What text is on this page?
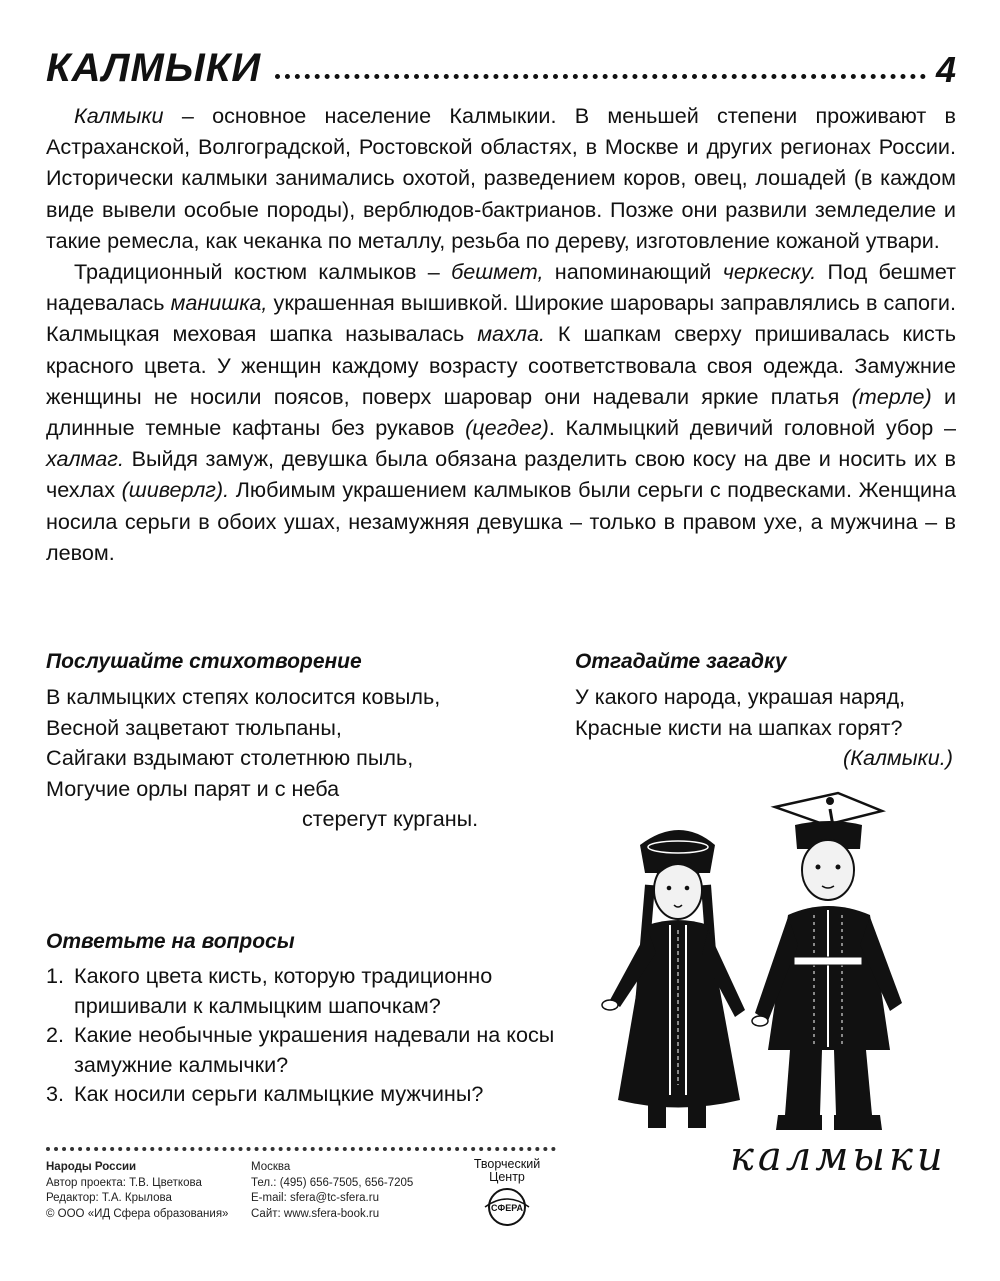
КАЛМЫКИ	4

Калмыки – основное население Калмыкии. В меньшей степени проживают в Астраханской, Волгоградской, Ростовской областях, в Москве и других регионах России. Исторически калмыки занимались охотой, разведением коров, овец, лошадей (в каждом виде вывели особые породы), верблюдов-бактрианов. Позже они развили земледелие и такие ремесла, как чеканка по металлу, резьба по дереву, изготовление кожаной утвари.

Традиционный костюм калмыков – бешмет, напоминающий черкеску. Под бешмет надевалась манишка, украшенная вышивкой. Широкие шаровары заправлялись в сапоги. Калмыцкая меховая шапка называлась махла. К шапкам сверху пришивалась кисть красного цвета. У женщин каждому возрасту соответствовала своя одежда. Замужние женщины не носили поясов, поверх шаровар они надевали яркие платья (терле) и длинные темные кафтаны без рукавов (цегдег). Калмыцкий девичий головной убор – халмаг. Выйдя замуж, девушка была обязана разделить свою косу на две и носить их в чехлах (шиверлг). Любимым украшением калмыков были серьги с подвесками. Женщина носила серьги в обоих ушах, незамужняя девушка – только в правом ухе, а мужчина – в левом.

Послушайте стихотворение
В калмыцких степях колосится ковыль,
Весной зацветают тюльпаны,
Сайгаки вздымают столетнюю пыль,
Могучие орлы парят и с неба
стерегут курганы.
Отгадайте загадку
У какого народа, украшая наряд,
Красные кисти на шапках горят?
(Калмыки.)
Ответьте на вопросы
1. Какого цвета кисть, которую традиционно пришивали к калмыцким шапочкам?
2. Какие необычные украшения надевали на косы замужние калмычки?
3. Как носили серьги калмыцкие мужчины?
калмыки
Народы России
Автор проекта: Т.В. Цветкова
Редактор: Т.А. Крылова
© ООО «ИД Сфера образования»
Москва
Тел.: (495) 656-7505, 656-7205
E-mail: sfera@tc-sfera.ru
Сайт: www.sfera-book.ru
Творческий Центр
СФЕРА
